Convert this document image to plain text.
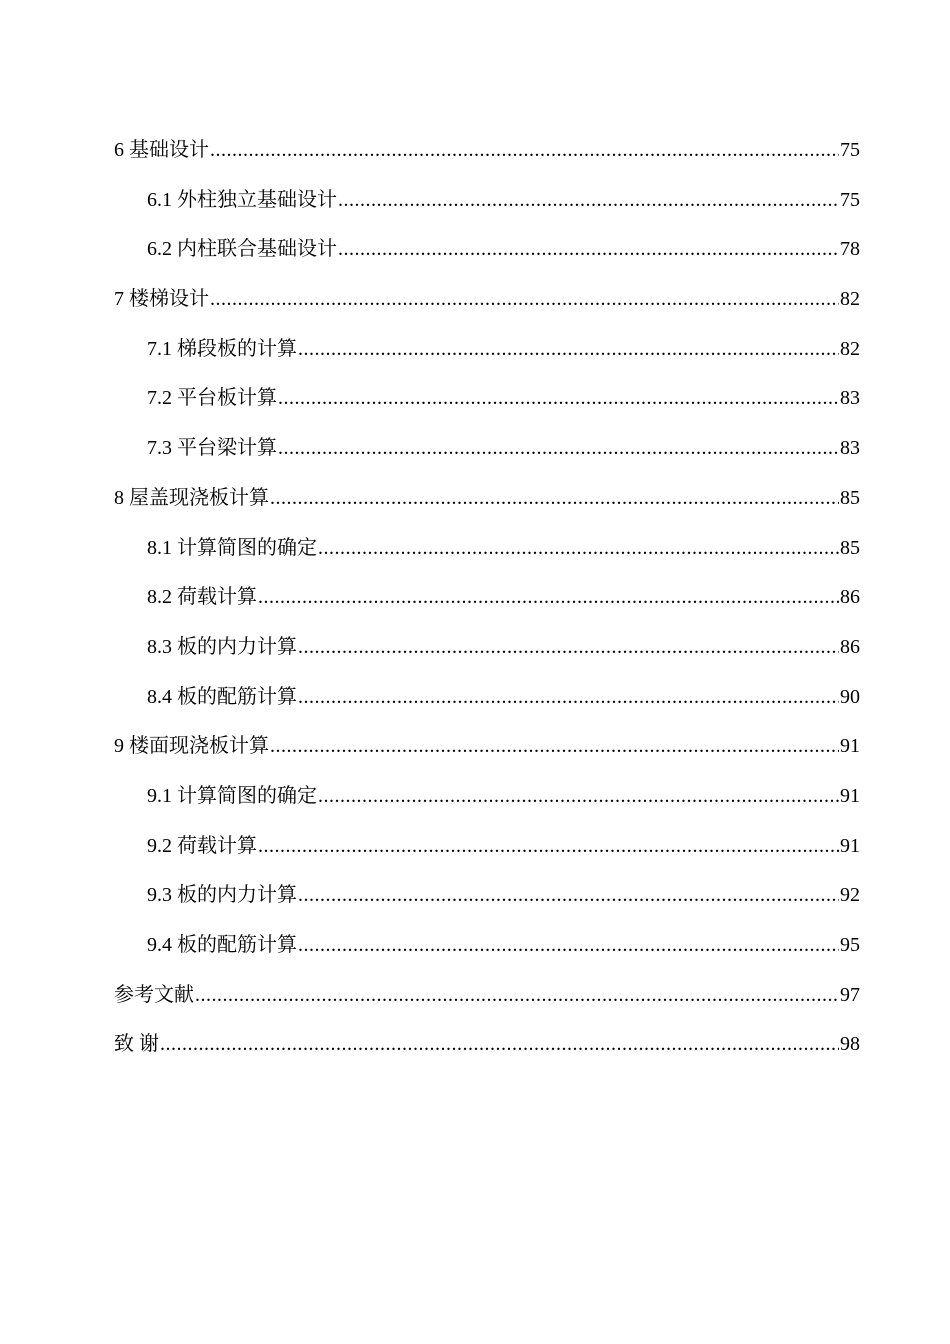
6 基础设计 .....	75
6.1 外柱独立基础设计 .....	75
6.2 内柱联合基础设计 .....	78
7 楼梯设计 .....	82
7.1 梯段板的计算 .....	82
7.2 平台板计算 .....	83
7.3 平台梁计算 .....	83
8 屋盖现浇板计算 .....	85
8.1 计算简图的确定 .....	85
8.2 荷载计算 .....	86
8.3 板的内力计算 .....	86
8.4 板的配筋计算 .....	90
9 楼面现浇板计算 .....	91
9.1 计算简图的确定 .....	91
9.2 荷载计算 .....	91
9.3 板的内力计算 .....	92
9.4 板的配筋计算 .....	95
参考文献 .....	97
致 谢 .....	98
